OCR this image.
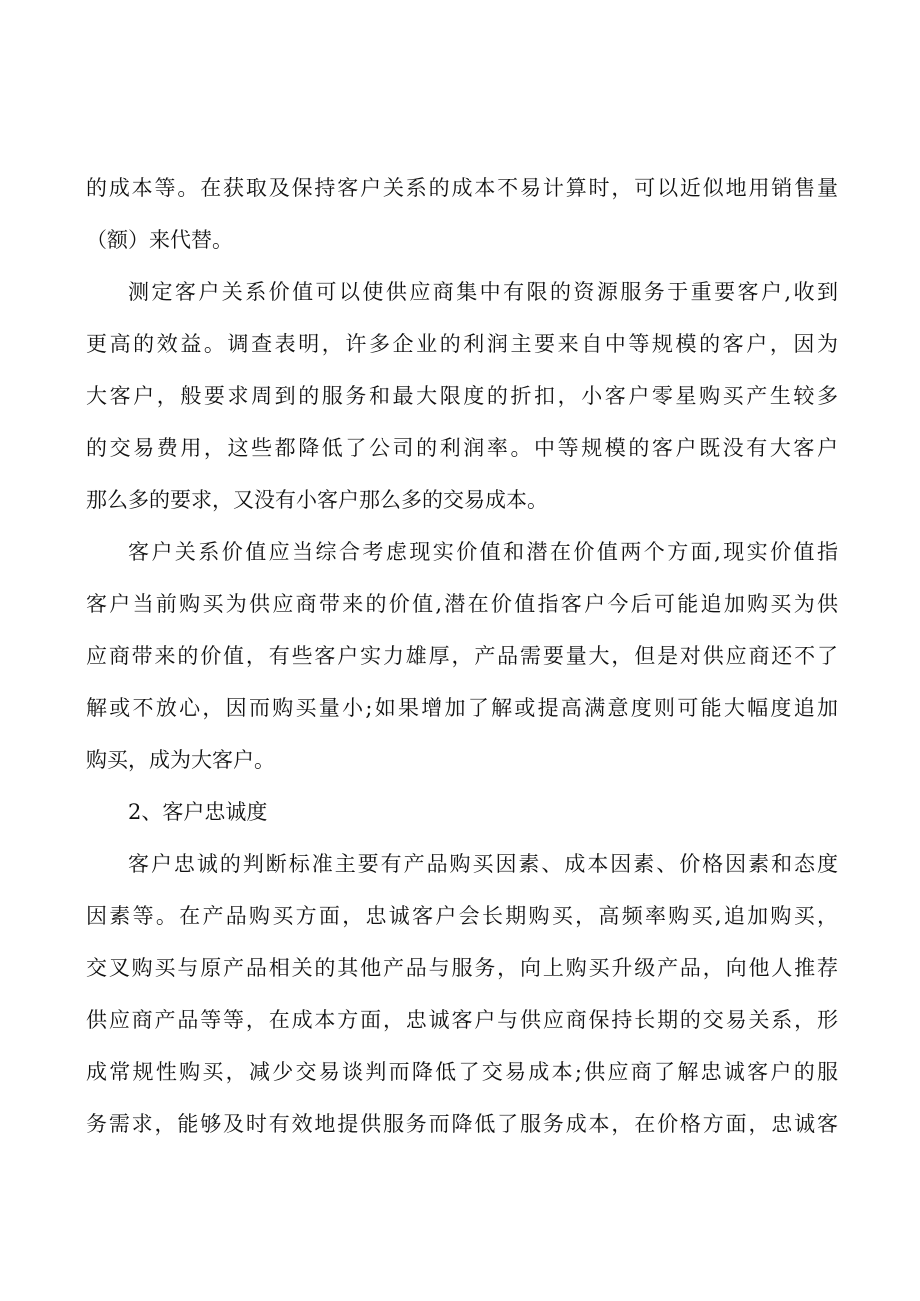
的成本等。在获取及保持客户关系的成本不易计算时，可以近似地用销售量
（额）来代替。
测定客户关系价值可以使供应商集中有限的资源服务于重要客户,收到
更高的效益。调查表明，许多企业的利润主要来自中等规模的客户，因为
大客户，般要求周到的服务和最大限度的折扣，小客户零星购买产生较多
的交易费用，这些都降低了公司的利润率。中等规模的客户既没有大客户
那么多的要求，又没有小客户那么多的交易成本。
客户关系价值应当综合考虑现实价值和潜在价值两个方面,现实价值指
客户当前购买为供应商带来的价值,潜在价值指客户今后可能追加购买为供
应商带来的价值，有些客户实力雄厚，产品需要量大，但是对供应商还不了
解或不放心，因而购买量小;如果增加了解或提高满意度则可能大幅度追加
购买，成为大客户。
2、客户忠诚度
客户忠诚的判断标准主要有产品购买因素、成本因素、价格因素和态度
因素等。在产品购买方面，忠诚客户会长期购买，高频率购买,追加购买，
交叉购买与原产品相关的其他产品与服务，向上购买升级产品，向他人推荐
供应商产品等等，在成本方面，忠诚客户与供应商保持长期的交易关系，形
成常规性购买，减少交易谈判而降低了交易成本;供应商了解忠诚客户的服
务需求，能够及时有效地提供服务而降低了服务成本，在价格方面，忠诚客
